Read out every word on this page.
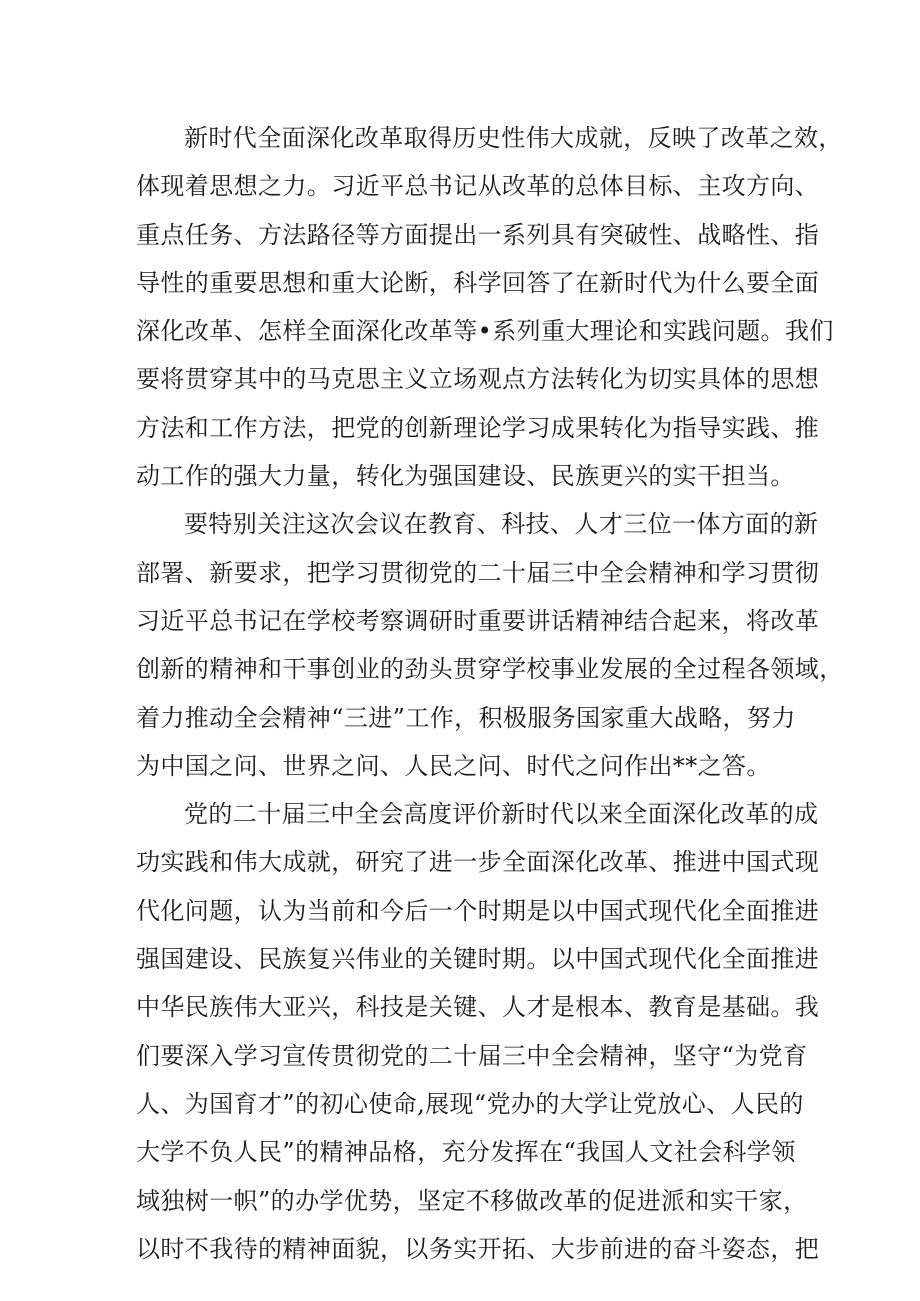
新时代全面深化改革取得历史性伟大成就，反映了改革之效，
体现着思想之力。习近平总书记从改革的总体目标、主攻方向、
重点任务、方法路径等方面提出一系列具有突破性、战略性、指
导性的重要思想和重大论断，科学回答了在新时代为什么要全面
深化改革、怎样全面深化改革等•系列重大理论和实践问题。我们
要将贯穿其中的马克思主义立场观点方法转化为切实具体的思想
方法和工作方法，把党的创新理论学习成果转化为指导实践、推
动工作的强大力量，转化为强国建设、民族更兴的实干担当。
要特别关注这次会议在教育、科技、人才三位一体方面的新
部署、新要求，把学习贯彻党的二十届三中全会精神和学习贯彻
习近平总书记在学校考察调研时重要讲话精神结合起来，将改革
创新的精神和干事创业的劲头贯穿学校事业发展的全过程各领域，
着力推动全会精神“三进”工作，积极服务国家重大战略，努力
为中国之问、世界之问、人民之问、时代之问作出**之答。
党的二十届三中全会高度评价新时代以来全面深化改革的成
功实践和伟大成就，研究了进一步全面深化改革、推进中国式现
代化问题，认为当前和今后一个时期是以中国式现代化全面推进
强国建设、民族复兴伟业的关键时期。以中国式现代化全面推进
中华民族伟大亚兴，科技是关键、人才是根本、教育是基础。我
们要深入学习宣传贯彻党的二十届三中全会精神，坚守“为党育
人、为国育才”的初心使命,展现“党办的大学让党放心、人民的
大学不负人民”的精神品格，充分发挥在“我国人文社会科学领
域独树一帜”的办学优势，坚定不移做改革的促进派和实干家，
以时不我待的精神面貌，以务实开拓、大步前进的奋斗姿态，把
